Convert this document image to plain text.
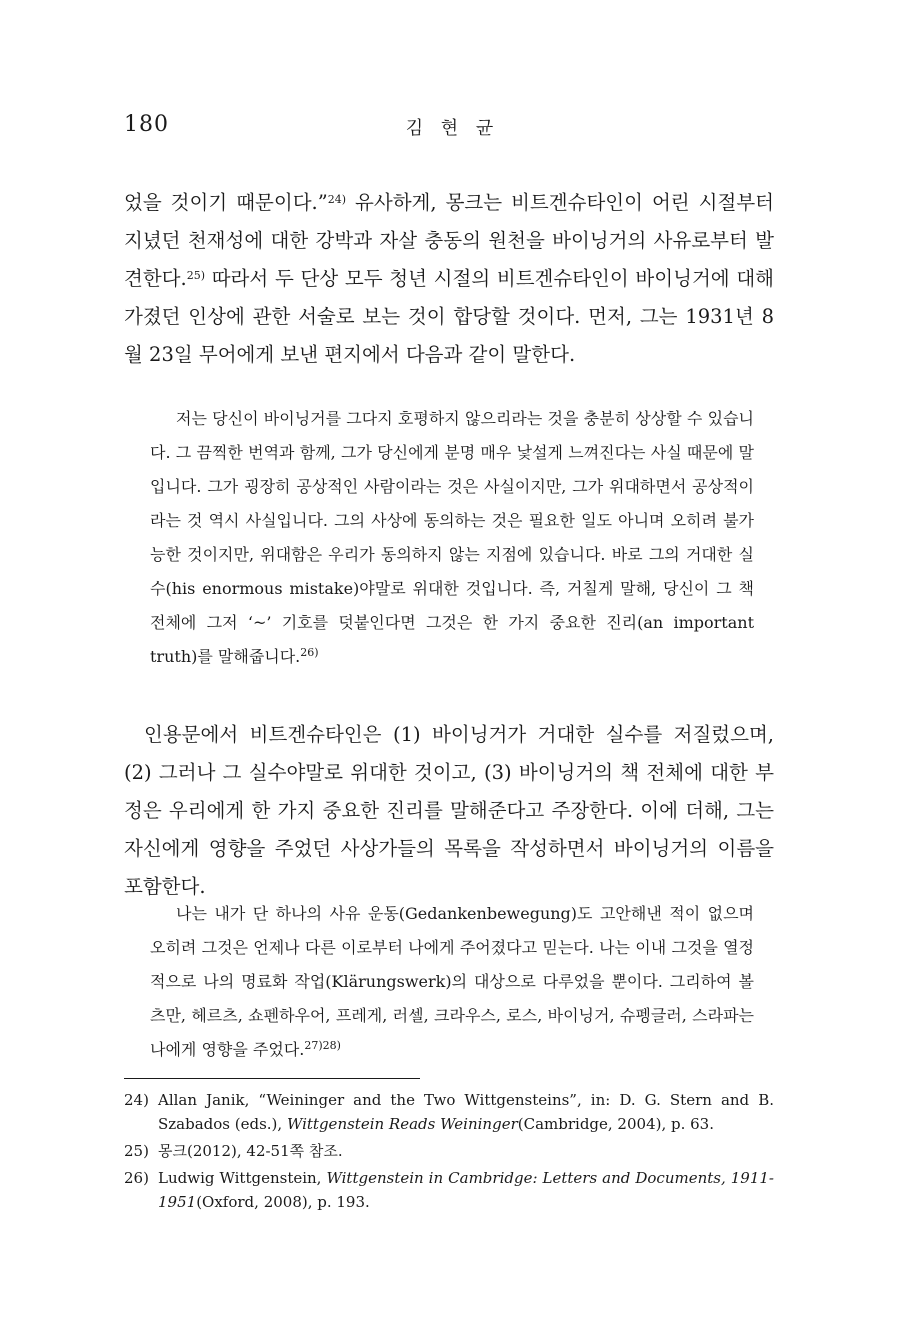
180	김 현 균

었을 것이기 때문이다.”$^{24)}$ 유사하게, 몽크는 비트겐슈타인이 어린 시절부터 지녔던 천재성에 대한 강박과 자살 충동의 원천을 바이닝거의 사유로부터 발견한다.$^{25)}$ 따라서 두 단상 모두 청년 시절의 비트겐슈타인이 바이닝거에 대해 가졌던 인상에 관한 서술로 보는 것이 합당할 것이다. 먼저, 그는 1931년 8월 23일 무어에게 보낸 편지에서 다음과 같이 말한다.

저는 당신이 바이닝거를 그다지 호평하지 않으리라는 것을 충분히 상상할 수 있습니다. 그 끔찍한 번역과 함께, 그가 당신에게 분명 매우 낯설게 느껴진다는 사실 때문에 말입니다. 그가 굉장히 공상적인 사람이라는 것은 사실이지만, 그가 위대하면서 공상적이라는 것 역시 사실입니다. 그의 사상에 동의하는 것은 필요한 일도 아니며 오히려 불가능한 것이지만, 위대함은 우리가 동의하지 않는 지점에 있습니다. 바로 그의 거대한 실수(his enormous mistake)야말로 위대한 것입니다. 즉, 거칠게 말해, 당신이 그 책 전체에 그저 ‘~’ 기호를 덧붙인다면 그것은 한 가지 중요한 진리(an important truth)를 말해줍니다.$^{26)}$

인용문에서 비트겐슈타인은 (1) 바이닝거가 거대한 실수를 저질렀으며, (2) 그러나 그 실수야말로 위대한 것이고, (3) 바이닝거의 책 전체에 대한 부정은 우리에게 한 가지 중요한 진리를 말해준다고 주장한다. 이에 더해, 그는 자신에게 영향을 주었던 사상가들의 목록을 작성하면서 바이닝거의 이름을 포함한다.

나는 내가 단 하나의 사유 운동(Gedankenbewegung)도 고안해낸 적이 없으며 오히려 그것은 언제나 다른 이로부터 나에게 주어졌다고 믿는다. 나는 이내 그것을 열정적으로 나의 명료화 작업(Klärungswerk)의 대상으로 다루었을 뿐이다. 그리하여 볼츠만, 헤르츠, 쇼펜하우어, 프레게, 러셀, 크라우스, 로스, 바이닝거, 슈펭글러, 스라파는 나에게 영향을 주었다.$^{27)28)}$

24) Allan Janik, “Weininger and the Two Wittgensteins”, in: D. G. Stern and B. Szabados (eds.), Wittgenstein Reads Weininger(Cambridge, 2004), p. 63.

25) 몽크(2012), 42-51쪽 참조.

26) Ludwig Wittgenstein, Wittgenstein in Cambridge: Letters and Documents, 1911-1951(Oxford, 2008), p. 193.
